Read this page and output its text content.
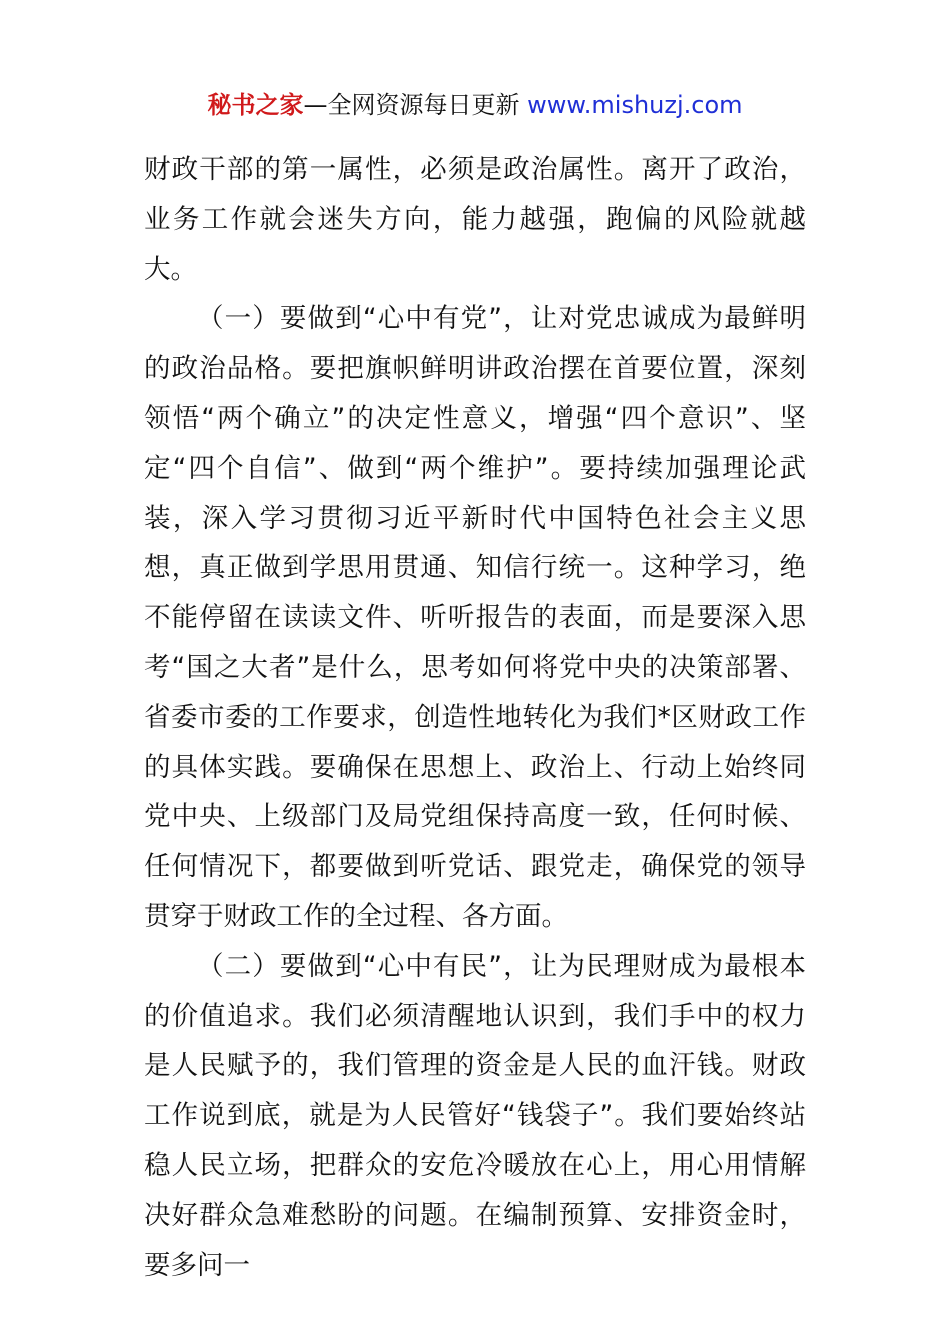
秘书之家—全网资源每日更新 www.mishuzj.com

财政干部的第一属性，必须是政治属性。离开了政治，业务工作就会迷失方向，能力越强，跑偏的风险就越大。

（一）要做到“心中有党”，让对党忠诚成为最鲜明的政治品格。要把旗帜鲜明讲政治摆在首要位置，深刻领悟“两个确立”的决定性意义，增强“四个意识”、坚定“四个自信”、做到“两个维护”。要持续加强理论武装，深入学习贯彻习近平新时代中国特色社会主义思想，真正做到学思用贯通、知信行统一。这种学习，绝不能停留在读读文件、听听报告的表面，而是要深入思考“国之大者”是什么，思考如何将党中央的决策部署、省委市委的工作要求，创造性地转化为我们*区财政工作的具体实践。要确保在思想上、政治上、行动上始终同党中央、上级部门及局党组保持高度一致，任何时候、任何情况下，都要做到听党话、跟党走，确保党的领导贯穿于财政工作的全过程、各方面。

（二）要做到“心中有民”，让为民理财成为最根本的价值追求。我们必须清醒地认识到，我们手中的权力是人民赋予的，我们管理的资金是人民的血汗钱。财政工作说到底，就是为人民管好“钱袋子”。我们要始终站稳人民立场，把群众的安危冷暖放在心上，用心用情解决好群众急难愁盼的问题。在编制预算、安排资金时，要多问一
